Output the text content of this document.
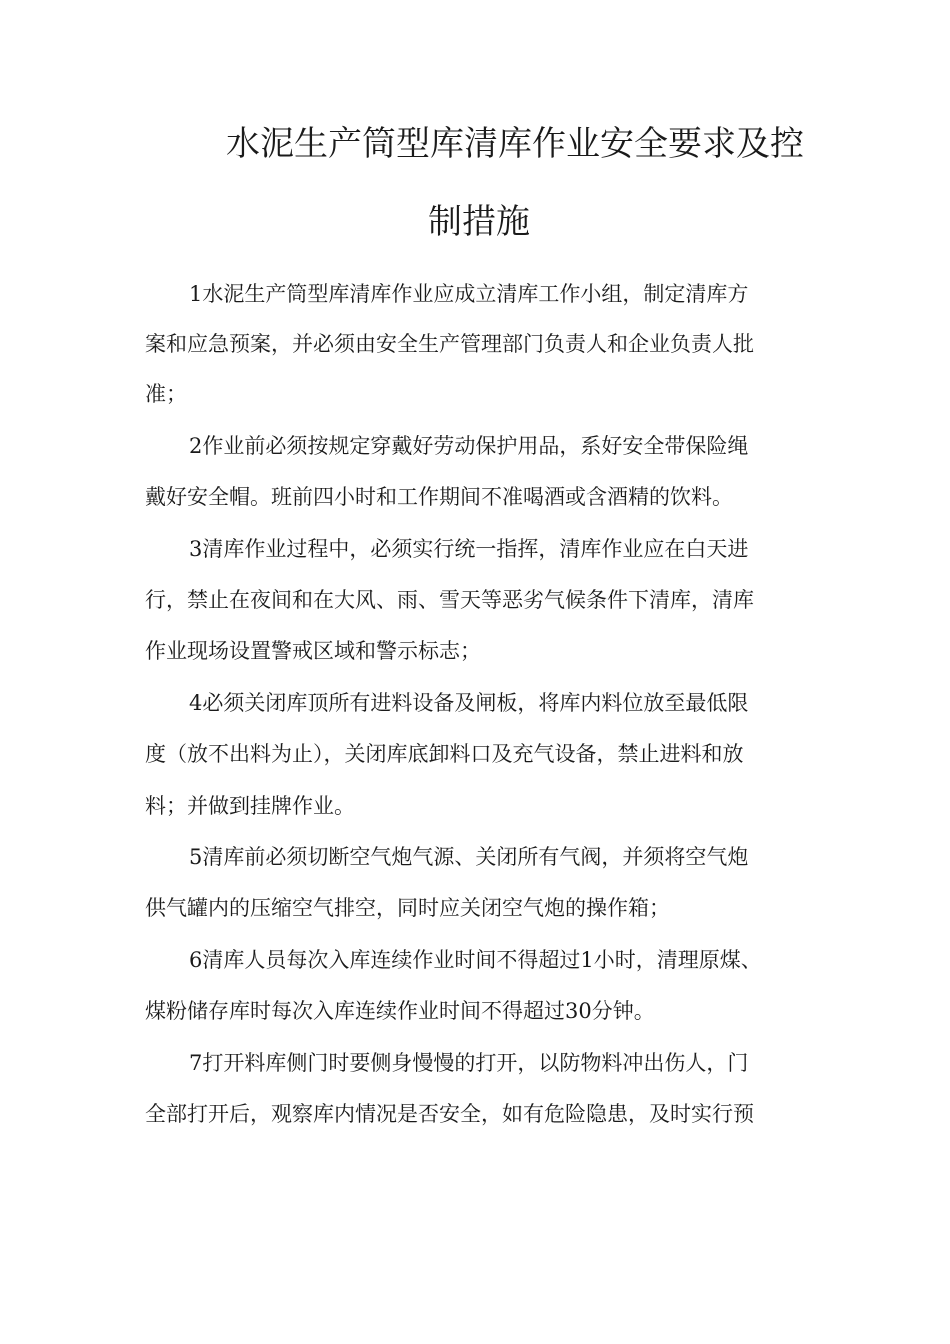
水泥生产筒型库清库作业安全要求及控
制措施
1水泥生产筒型库清库作业应成立清库工作小组，制定清库方
案和应急预案，并必须由安全生产管理部门负责人和企业负责人批
准；
2作业前必须按规定穿戴好劳动保护用品，系好安全带保险绳
戴好安全帽。班前四小时和工作期间不准喝酒或含酒精的饮料。
3清库作业过程中，必须实行统一指挥，清库作业应在白天进
行，禁止在夜间和在大风、雨、雪天等恶劣气候条件下清库，清库
作业现场设置警戒区域和警示标志；
4必须关闭库顶所有进料设备及闸板，将库内料位放至最低限
度（放不出料为止），关闭库底卸料口及充气设备，禁止进料和放
料；并做到挂牌作业。
5清库前必须切断空气炮气源、关闭所有气阀，并须将空气炮
供气罐内的压缩空气排空，同时应关闭空气炮的操作箱；
6清库人员每次入库连续作业时间不得超过1小时，清理原煤、
煤粉储存库时每次入库连续作业时间不得超过30分钟。
7打开料库侧门时要侧身慢慢的打开，以防物料冲出伤人，门
全部打开后，观察库内情况是否安全，如有危险隐患，及时实行预
